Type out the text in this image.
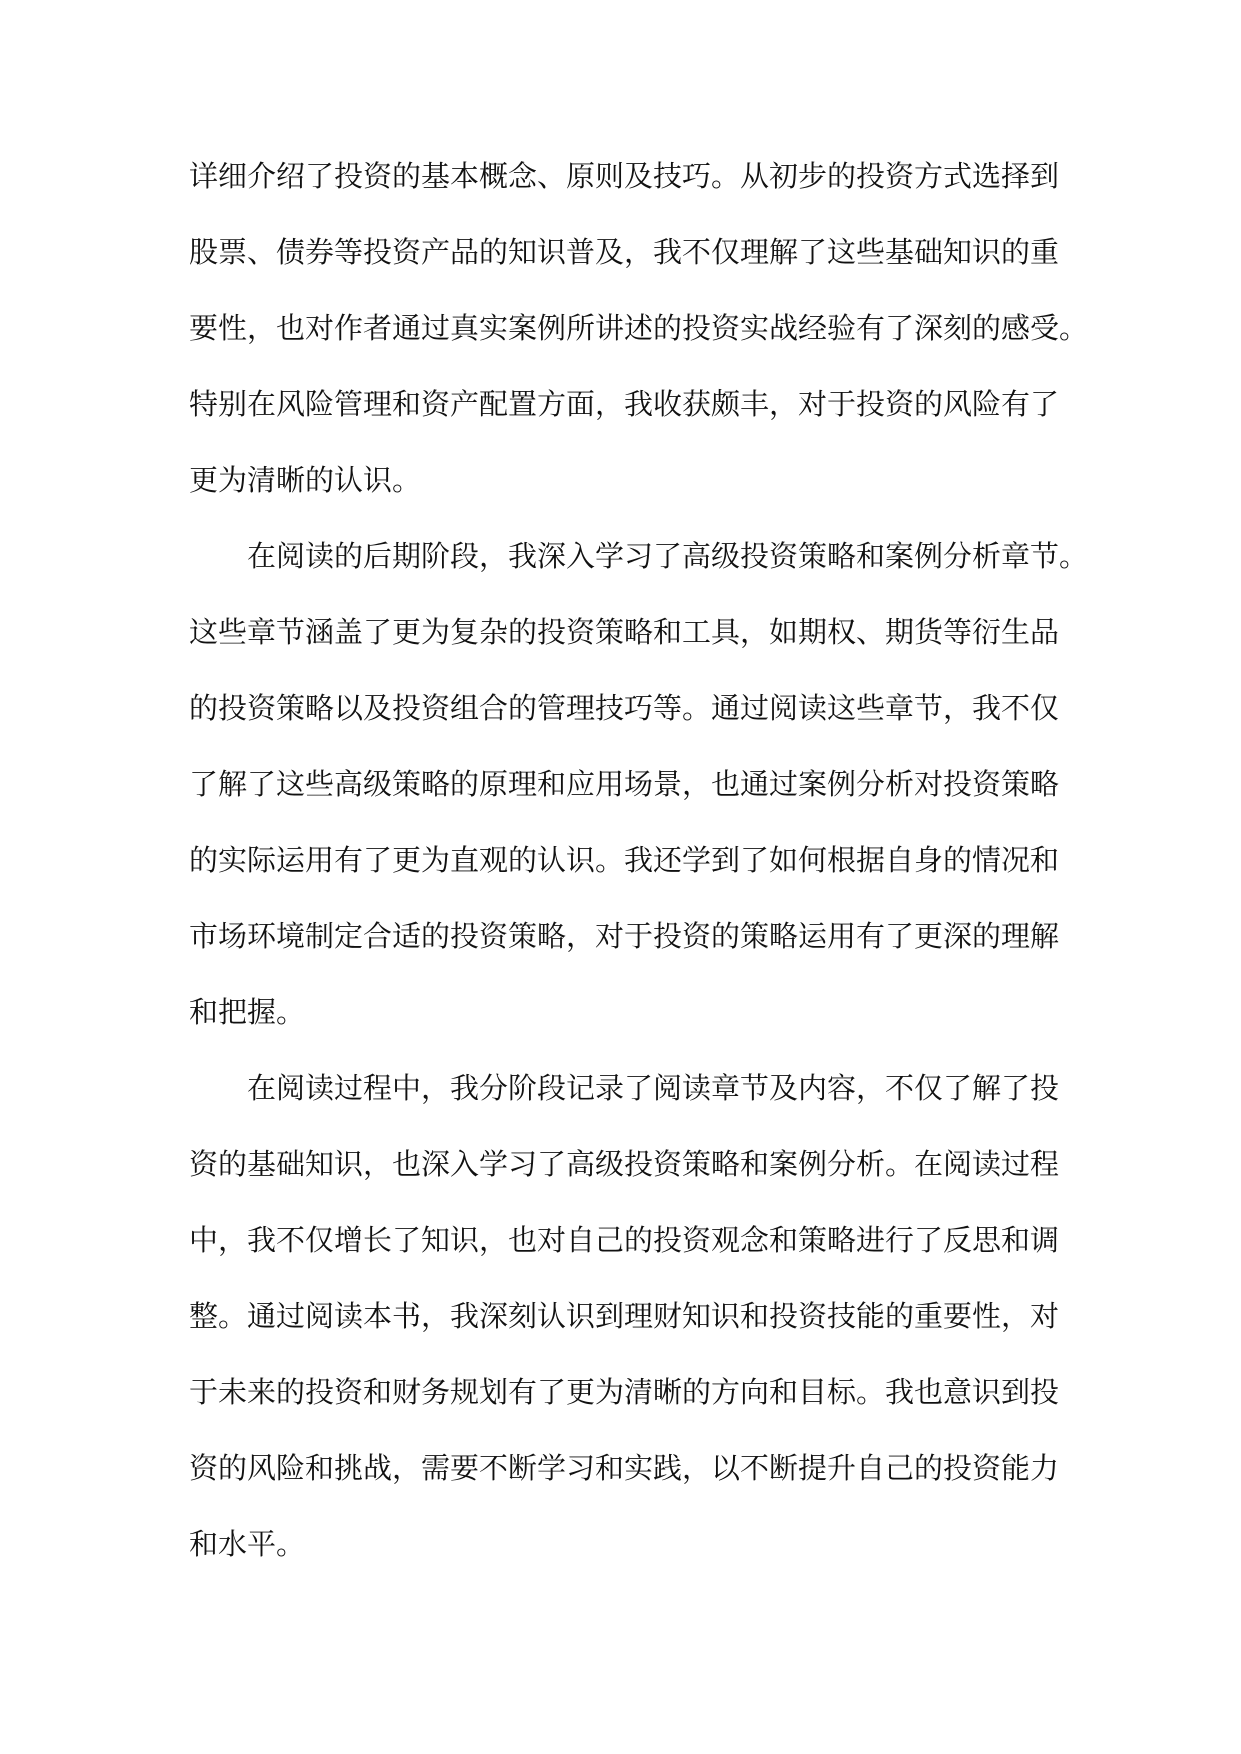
详细介绍了投资的基本概念、原则及技巧。从初步的投资方式选择到
股票、债券等投资产品的知识普及，我不仅理解了这些基础知识的重
要性，也对作者通过真实案例所讲述的投资实战经验有了深刻的感受。
特别在风险管理和资产配置方面，我收获颇丰，对于投资的风险有了
更为清晰的认识。
在阅读的后期阶段，我深入学习了高级投资策略和案例分析章节。
这些章节涵盖了更为复杂的投资策略和工具，如期权、期货等衍生品
的投资策略以及投资组合的管理技巧等。通过阅读这些章节，我不仅
了解了这些高级策略的原理和应用场景，也通过案例分析对投资策略
的实际运用有了更为直观的认识。我还学到了如何根据自身的情况和
市场环境制定合适的投资策略，对于投资的策略运用有了更深的理解
和把握。
在阅读过程中，我分阶段记录了阅读章节及内容，不仅了解了投
资的基础知识，也深入学习了高级投资策略和案例分析。在阅读过程
中，我不仅增长了知识，也对自己的投资观念和策略进行了反思和调
整。通过阅读本书，我深刻认识到理财知识和投资技能的重要性，对
于未来的投资和财务规划有了更为清晰的方向和目标。我也意识到投
资的风险和挑战，需要不断学习和实践，以不断提升自己的投资能力
和水平。
